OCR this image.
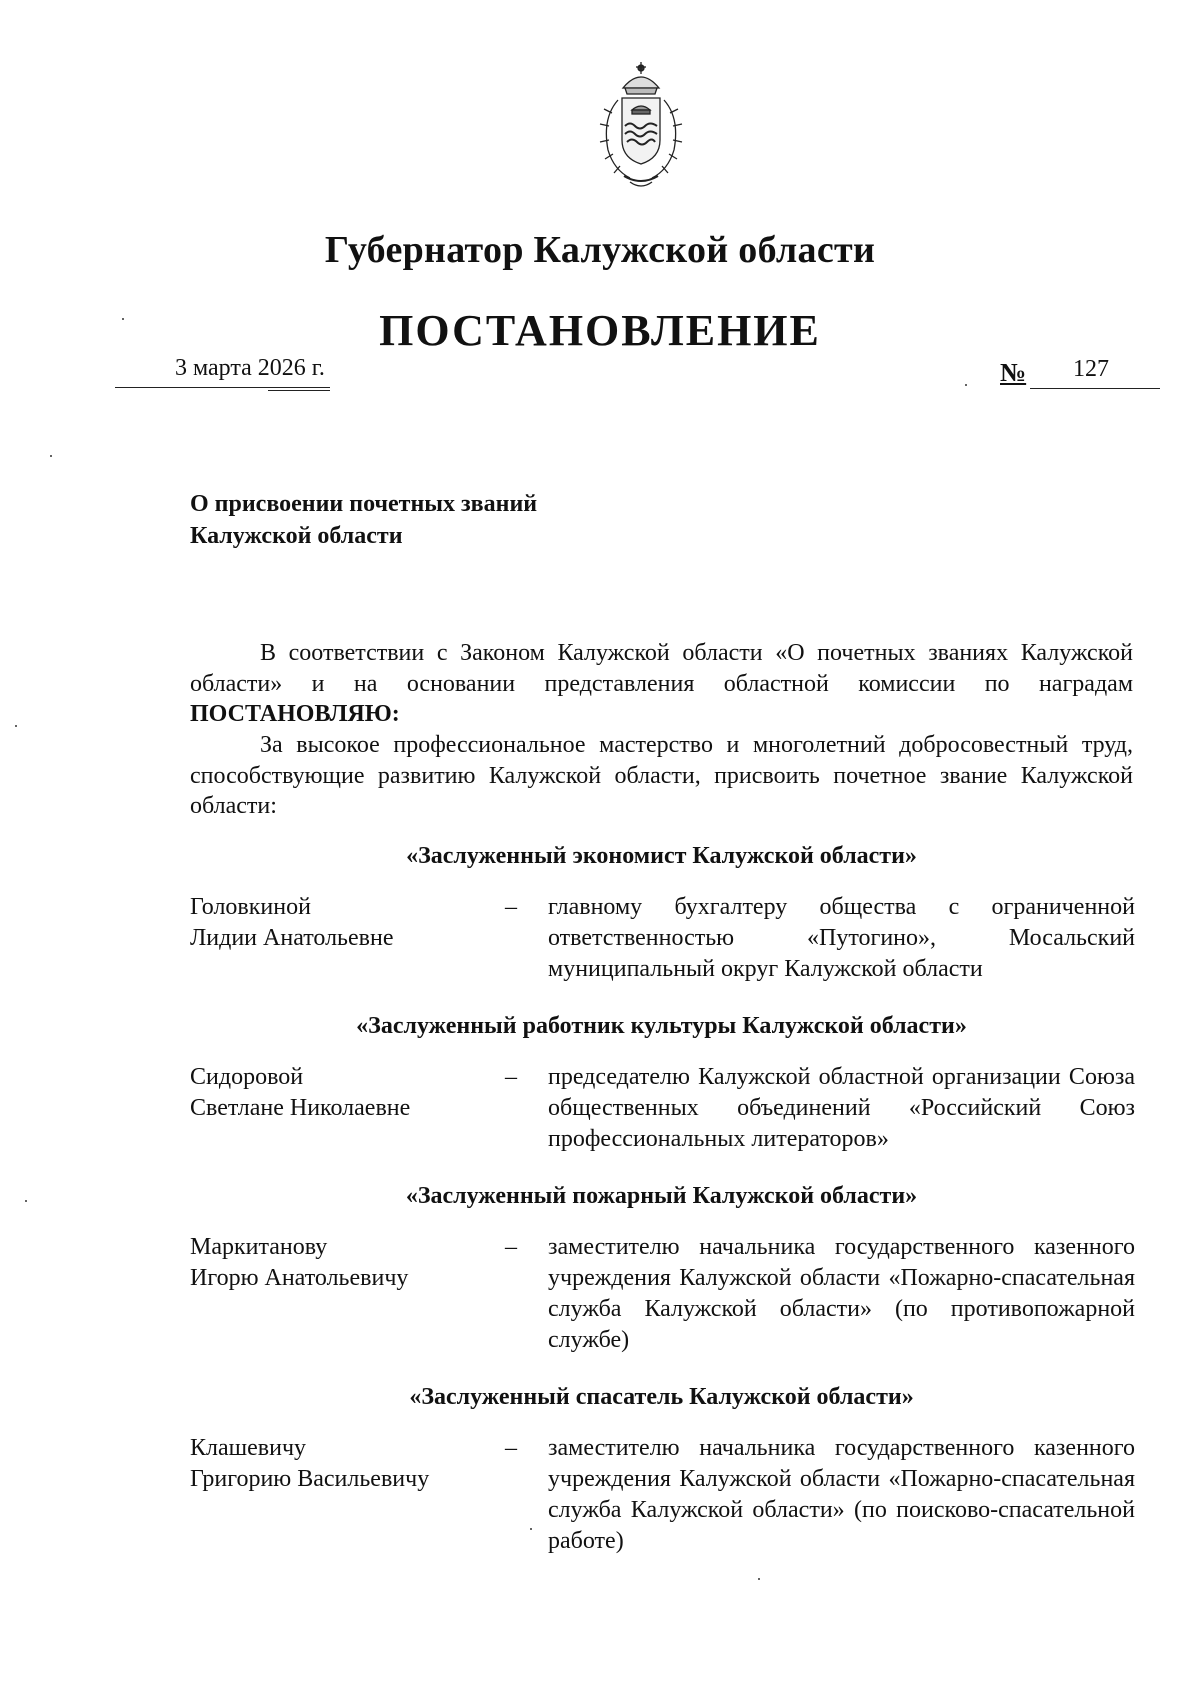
Губернатор Калужской области
ПОСТАНОВЛЕНИЕ
3 марта 2026 г.	№ 127
О присвоении почетных званий
Калужской области
В соответствии с Законом Калужской области «О почетных званиях Калужской области» и на основании представления областной комиссии по наградам ПОСТАНОВЛЯЮ:
За высокое профессиональное мастерство и многолетний добросовестный труд, способствующие развитию Калужской области, присвоить почетное звание Калужской области:
«Заслуженный экономист Калужской области»
Головкиной
Лидии Анатольевне
– главному бухгалтеру общества с ограниченной ответственностью «Путогино», Мосальский муниципальный округ Калужской области
«Заслуженный работник культуры Калужской области»
Сидоровой
Светлане Николаевне
– председателю Калужской областной организации Союза общественных объединений «Российский Союз профессиональных литераторов»
«Заслуженный пожарный Калужской области»
Маркитанову
Игорю Анатольевичу
– заместителю начальника государственного казенного учреждения Калужской области «Пожарно-спасательная служба Калужской области» (по противопожарной службе)
«Заслуженный спасатель Калужской области»
Клашевичу
Григорию Васильевичу
– заместителю начальника государственного казенного учреждения Калужской области «Пожарно-спасательная служба Калужской области» (по поисково-спасательной работе)
